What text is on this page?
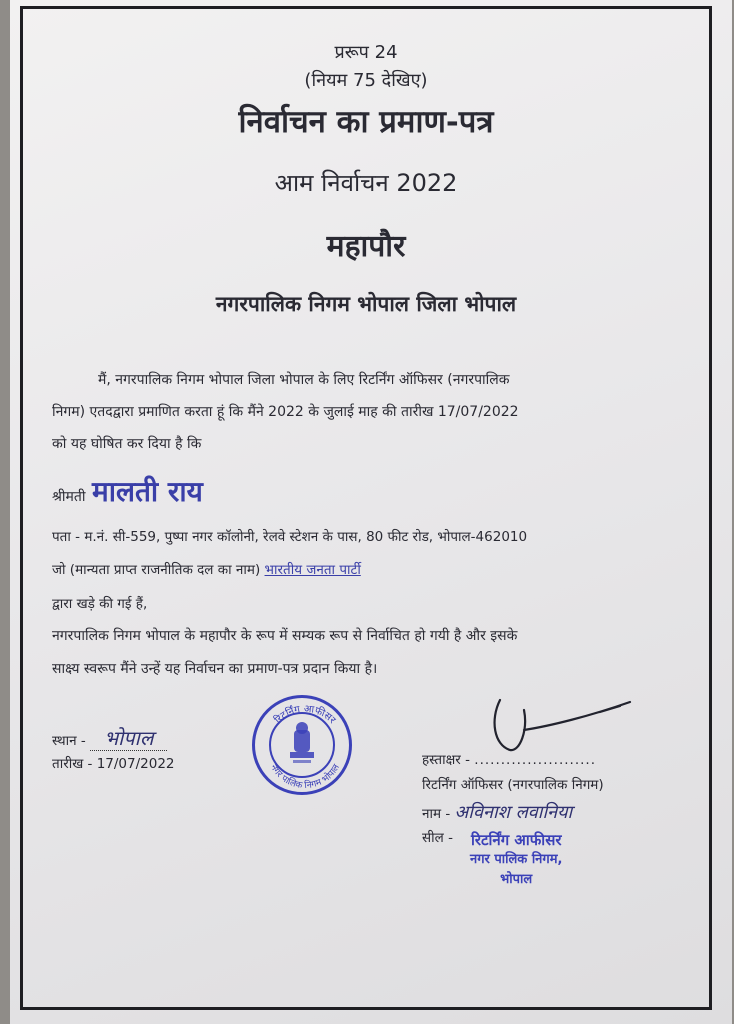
प्ररूप 24
(नियम 75 देखिए)
निर्वाचन का प्रमाण-पत्र
आम निर्वाचन 2022
महापौर
नगरपालिक निगम भोपाल जिला भोपाल
मैं, नगरपालिक निगम भोपाल जिला भोपाल के लिए रिटर्निंग ऑफिसर (नगरपालिक
निगम) एतदद्वारा प्रमाणित करता हूं कि मैंने 2022 के जुलाई माह की तारीख 17/07/2022
को यह घोषित कर दिया है कि
श्रीमती मालती राय
पता - म.नं. सी-559, पुष्पा नगर कॉलोनी, रेलवे स्टेशन के पास, 80 फीट रोड, भोपाल-462010
जो (मान्यता प्राप्त राजनीतिक दल का नाम) भारतीय जनता पार्टी
द्वारा खड़े की गई हैं,
नगरपालिक निगम भोपाल के महापौर के रूप में सम्यक रूप से निर्वाचित हो गयी है और इसके
साक्ष्य स्वरूप मैंने उन्हें यह निर्वाचन का प्रमाण-पत्र प्रदान किया है।
स्थान - भोपाल
तारीख - 17/07/2022
रिटर्निंग आफीसर
नगर पालिक निगम भोपाल
हस्ताक्षर - .......................
रिटर्निंग ऑफिसर (नगरपालिक निगम)
नाम - अविनाश लवानिया
सील - रिटर्निंग आफीसर
नगर पालिक निगम,
भोपाल
